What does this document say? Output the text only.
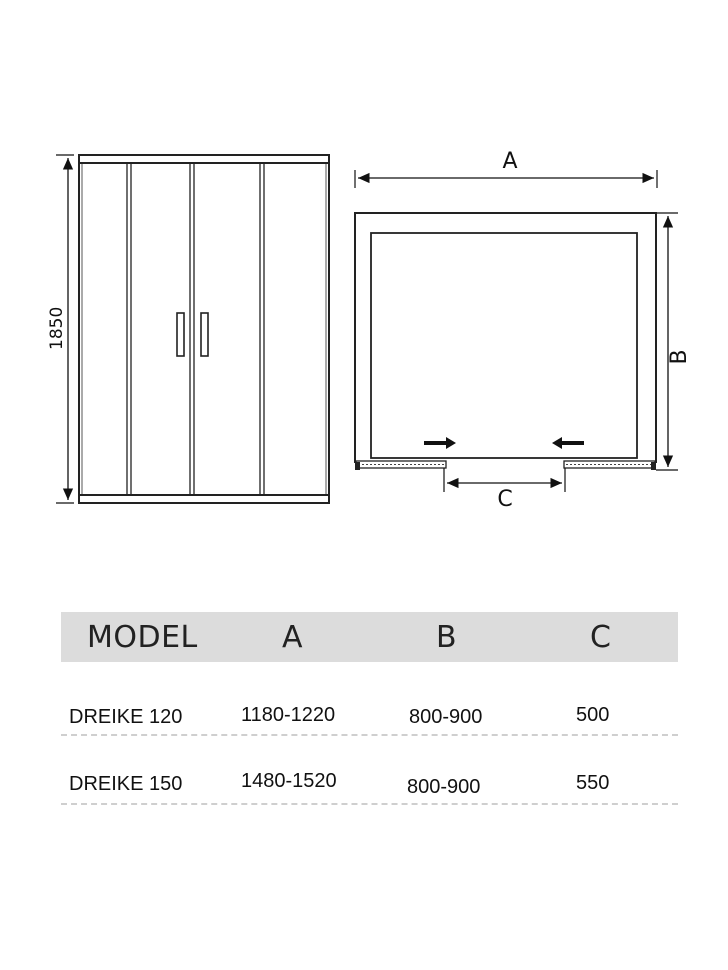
1850
A
B
C
MODEL	A	B	C
DREIKE 120	1180-1220	800-900	500
DREIKE 150	1480-1520	800-900	550
